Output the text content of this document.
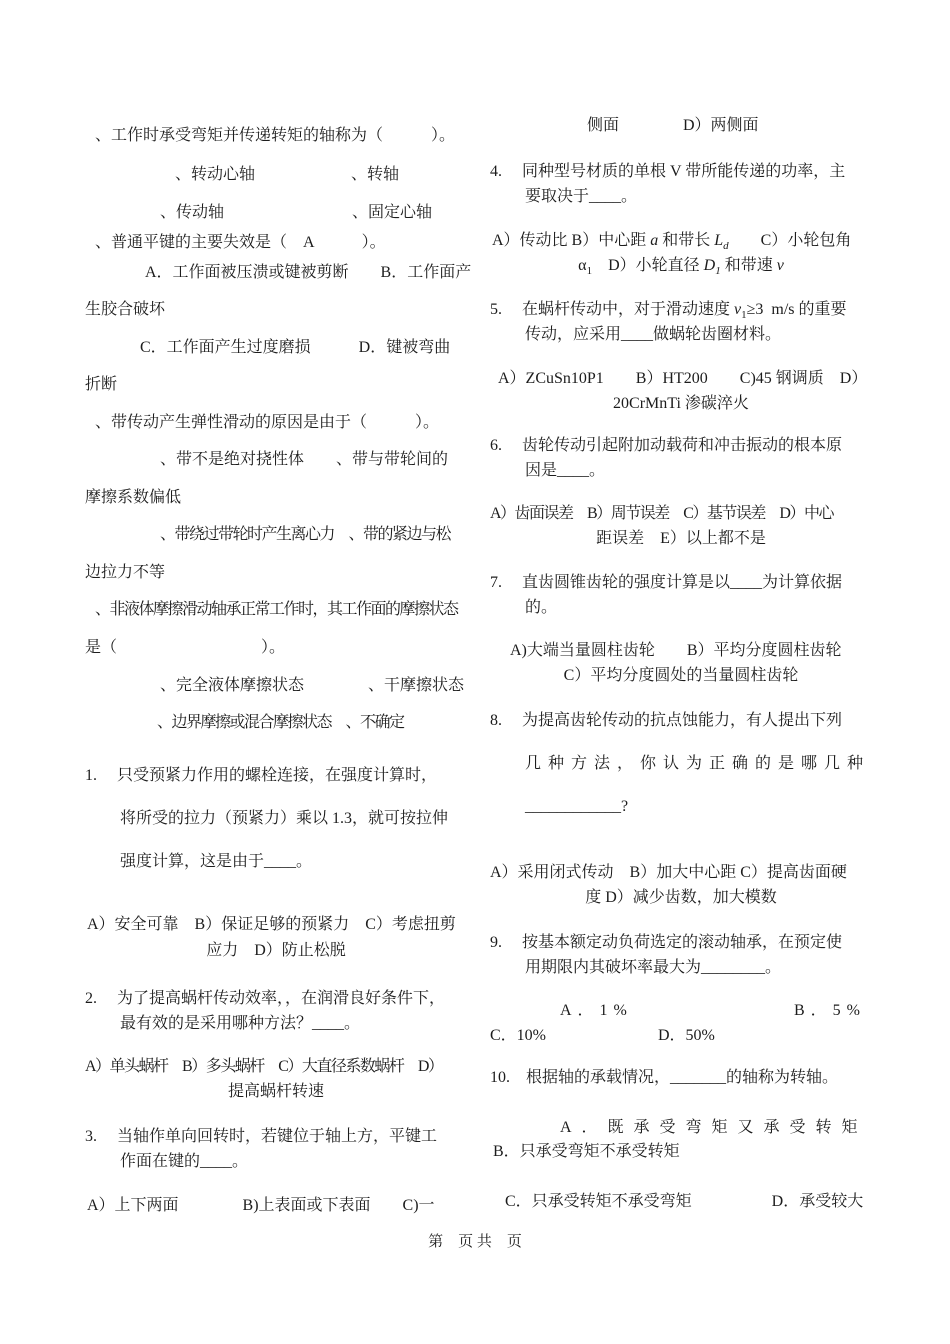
、工作时承受弯矩并传递转矩的轴称为（　　　）。
、转动心轴　　　　　　、转轴
、传动轴　　　　　　　　、固定心轴
、普通平键的主要失效是（　A　　　）。
A．工作面被压溃或键被剪断　　B．工作面产
生胶合破坏
C．工作面产生过度磨损　　　D．键被弯曲
折断
、带传动产生弹性滑动的原因是由于（　　　）。
、带不是绝对挠性体　　、带与带轮间的
摩擦系数偏低
、带绕过带轮时产生离心力　、带的紧边与松
边拉力不等
、非液体摩擦滑动轴承正常工作时，其工作面的摩擦状态
是（　　　　　　　　　）。
、完全液体摩擦状态　　　　、干摩擦状态
、边界摩擦或混合摩擦状态　、不确定
1.　 只受预紧力作用的螺栓连接，在强度计算时，
将所受的拉力（预紧力）乘以 1.3，就可按拉伸
强度计算，这是由于____。
A）安全可靠　B）保证足够的预紧力　C）考虑扭剪
应力　D）防止松脱
2.　 为了提高蜗杆传动效率，，在润滑良好条件下，
最有效的是采用哪种方法？____。
A）单头蜗杆　B）多头蜗杆　C）大直径系数蜗杆　D）
提高蜗杆转速
3.　 当轴作单向回转时，若键位于轴上方，平键工
作面在键的____。
A）上下两面　　　　B)上表面或下表面　　C)一
侧面　　　　D）两侧面
4.　 同种型号材质的单根 V 带所能传递的功率，主
要取决于____。
A）传动比 B）中心距 a 和带长 $L_d$　　C）小轮包角
$\alpha_1$　D）小轮直径 $D_1$ 和带速 v
5.　 在蜗杆传动中，对于滑动速度 $v_1\ge 3$  m/s 的重要
传动，应采用____做蜗轮齿圈材料。
A）ZCuSn10P1　　B）HT200　　C)45 钢调质　D）
20CrMnTi 渗碳淬火
6.　 齿轮传动引起附加动载荷和冲击振动的根本原
因是____。
A）齿面误差　B）周节误差　C）基节误差　D）中心
距误差　E）以上都不是
7.　 直齿圆锥齿轮的强度计算是以____为计算依据
的。
A)大端当量圆柱齿轮　　B）平均分度圆柱齿轮
C）平均分度圆处的当量圆柱齿轮
8.　 为提高齿轮传动的抗点蚀能力，有人提出下列
几种方法，你认为正确的是哪几种
____________?
A）采用闭式传动　B）加大中心距 C）提高齿面硬
度 D）减少齿数，加大模数
9.　 按基本额定动负荷选定的滚动轴承，在预定使
用期限内其破坏率最大为________。
A．1%	B．5%
C．10%　　　　　　　D．50%
10.　根据轴的承载情况，_______的轴称为转轴。
A．既承受弯矩又承受转矩
B．只承受弯矩不承受转矩
C．只承受转矩不承受弯矩　　　　　D．承受较大
第　页 共　页
